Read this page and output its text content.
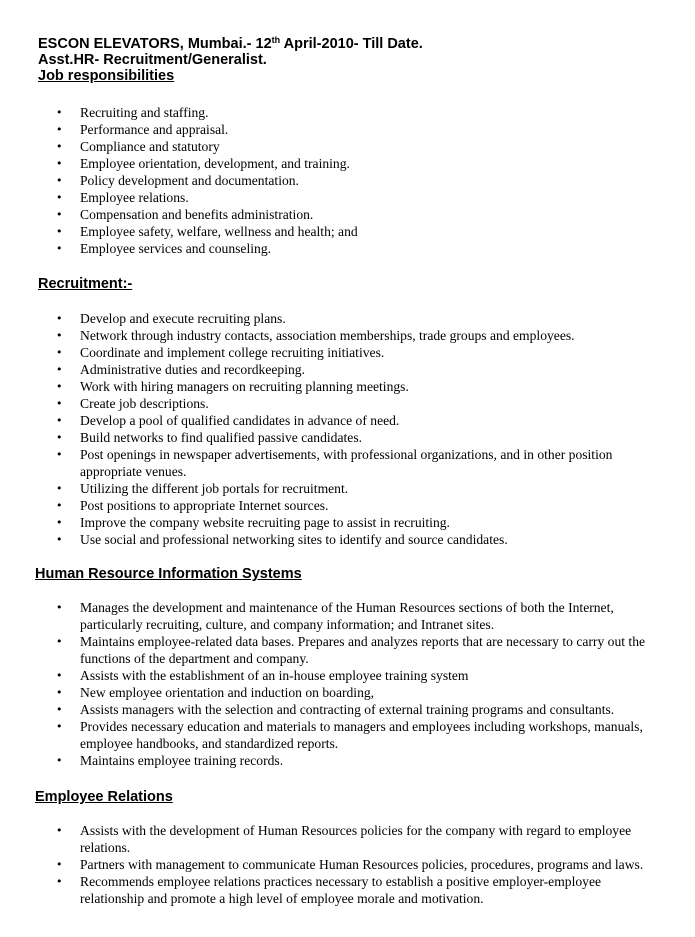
ESCON ELEVATORS, Mumbai.- 12th April-2010- Till Date.
Asst.HR- Recruitment/Generalist.
Job responsibilities
• Recruiting and staffing.
• Performance and appraisal.
• Compliance and statutory
• Employee orientation, development, and training.
• Policy development and documentation.
• Employee relations.
• Compensation and benefits administration.
• Employee safety, welfare, wellness and health; and
• Employee services and counseling.
Recruitment:-
• Develop and execute recruiting plans.
• Network through industry contacts, association memberships, trade groups and employees.
• Coordinate and implement college recruiting initiatives.
• Administrative duties and recordkeeping.
• Work with hiring managers on recruiting planning meetings.
• Create job descriptions.
• Develop a pool of qualified candidates in advance of need.
• Build networks to find qualified passive candidates.
• Post openings in newspaper advertisements, with professional organizations, and in other position appropriate venues.
• Utilizing the different job portals for recruitment.
• Post positions to appropriate Internet sources.
• Improve the company website recruiting page to assist in recruiting.
• Use social and professional networking sites to identify and source candidates.
Human Resource Information Systems
• Manages the development and maintenance of the Human Resources sections of both the Internet, particularly recruiting, culture, and company information; and Intranet sites.
• Maintains employee-related data bases. Prepares and analyzes reports that are necessary to carry out the functions of the department and company.
• Assists with the establishment of an in-house employee training system
• New employee orientation and induction on boarding,
• Assists managers with the selection and contracting of external training programs and consultants.
• Provides necessary education and materials to managers and employees including workshops, manuals, employee handbooks, and standardized reports.
• Maintains employee training records.
Employee Relations
• Assists with the development of Human Resources policies for the company with regard to employee relations.
• Partners with management to communicate Human Resources policies, procedures, programs and laws.
• Recommends employee relations practices necessary to establish a positive employer-employee relationship and promote a high level of employee morale and motivation.
